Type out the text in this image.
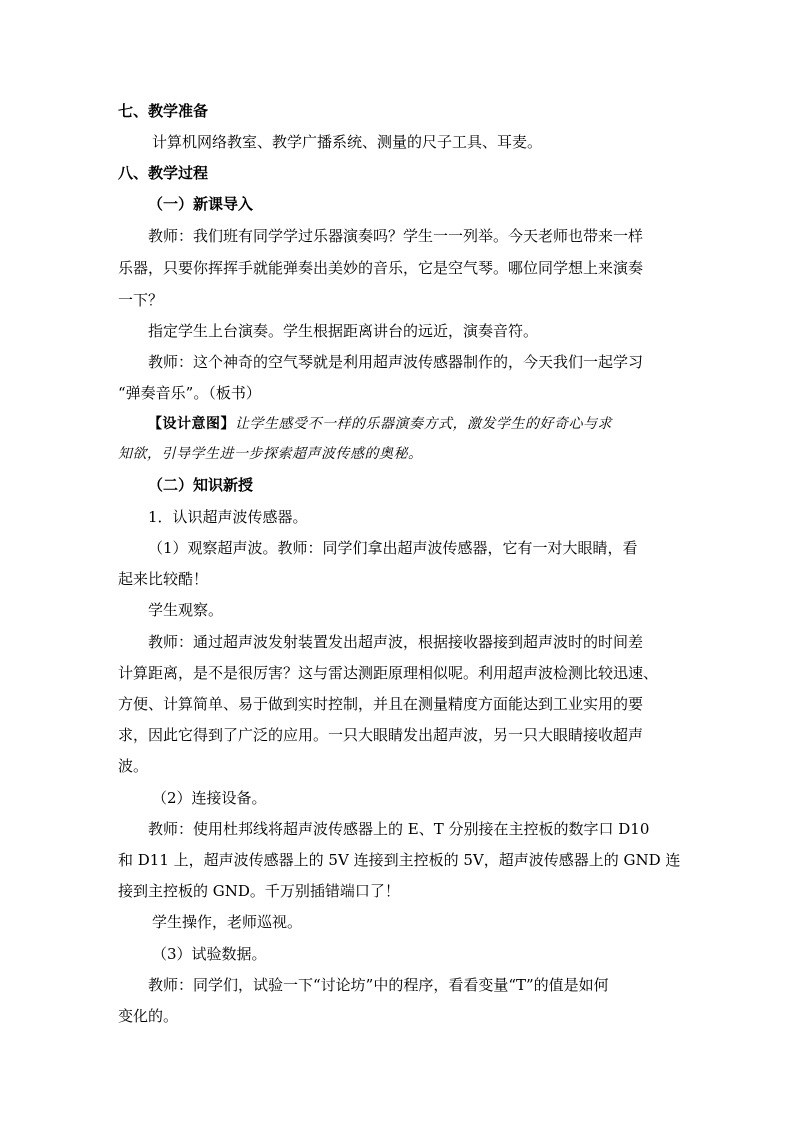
七、教学准备
计算机网络教室、教学广播系统、测量的尺子工具、耳麦。
八、教学过程
（一）新课导入
教师：我们班有同学学过乐器演奏吗？学生一一列举。今天老师也带来一样
乐器，只要你挥挥手就能弹奏出美妙的音乐，它是空气琴。哪位同学想上来演奏
一下？
指定学生上台演奏。学生根据距离讲台的远近，演奏音符。
教师：这个神奇的空气琴就是利用超声波传感器制作的，今天我们一起学习
“弹奏音乐”。（板书）
【设计意图】让学生感受不一样的乐器演奏方式，激发学生的好奇心与求
知欲，引导学生进一步探索超声波传感的奥秘。
（二）知识新授
1．认识超声波传感器。
（1）观察超声波。教师：同学们拿出超声波传感器，它有一对大眼睛，看
起来比较酷！
学生观察。
教师：通过超声波发射装置发出超声波，根据接收器接到超声波时的时间差
计算距离，是不是很厉害？这与雷达测距原理相似呢。利用超声波检测比较迅速、
方便、计算简单、易于做到实时控制，并且在测量精度方面能达到工业实用的要
求，因此它得到了广泛的应用。一只大眼睛发出超声波，另一只大眼睛接收超声
波。
（2）连接设备。
教师：使用杜邦线将超声波传感器上的 E、T 分别接在主控板的数字口 D10
和 D11 上，超声波传感器上的 5V 连接到主控板的 5V，超声波传感器上的 GND 连
接到主控板的 GND。千万别插错端口了！
学生操作，老师巡视。
（3）试验数据。
教师：同学们，试验一下“讨论坊”中的程序，看看变量“T”的值是如何
变化的。
